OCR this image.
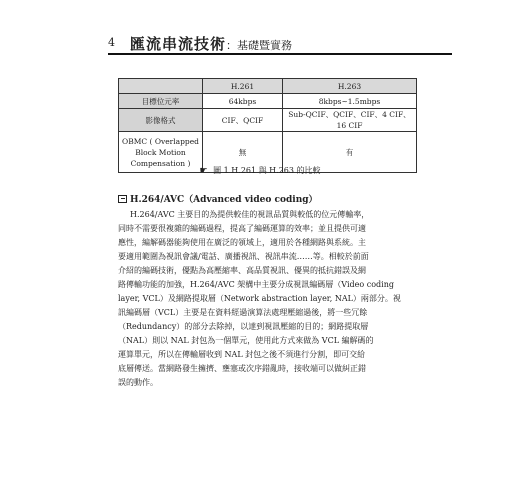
4 匯流串流技術：基礎暨實務
	H.261	H.263
目標位元率	64kbps	8kbps~1.5mbps
影像格式	CIF、QCIF	Sub-QCIF、QCIF、CIF、4 CIF、16 CIF
OBMC ( Overlapped Block Motion Compensation )	無	有
☛ 圖 1 H.261 與 H.263 的比較
H.264/AVC（Advanced video coding）
H.264/AVC 主要目的為提供較佳的視訊品質與較低的位元傳輸率，
同時不需要很複雜的編碼過程，提高了編碼運算的效率；並且提供可適
應性，編解碼器能夠使用在廣泛的領域上，適用於各種網路與系統。主
要適用範圍為視訊會議/電話、廣播視訊、視訊串流……等。相較於前面
介紹的編碼技術，優點為高壓縮率、高品質視訊、優異的抵抗錯誤及網
路傳輸功能的加強，H.264/AVC 架構中主要分成視訊編碼層（Video coding
layer, VCL）及網路提取層（Network abstraction layer, NAL）兩部分。視
訊編碼層（VCL）主要是在資料經過演算法處理壓縮過後，將一些冗餘
（Redundancy）的部分去除掉，以達到視訊壓縮的目的；網路提取層
（NAL）則以 NAL 封包為一個單元，使用此方式來做為 VCL 編解碼的
運算單元，所以在傳輸層收到 NAL 封包之後不須進行分割，即可交給
底層傳送。當網路發生擁擠、壅塞或次序錯亂時，接收端可以做糾正錯
誤的動作。
